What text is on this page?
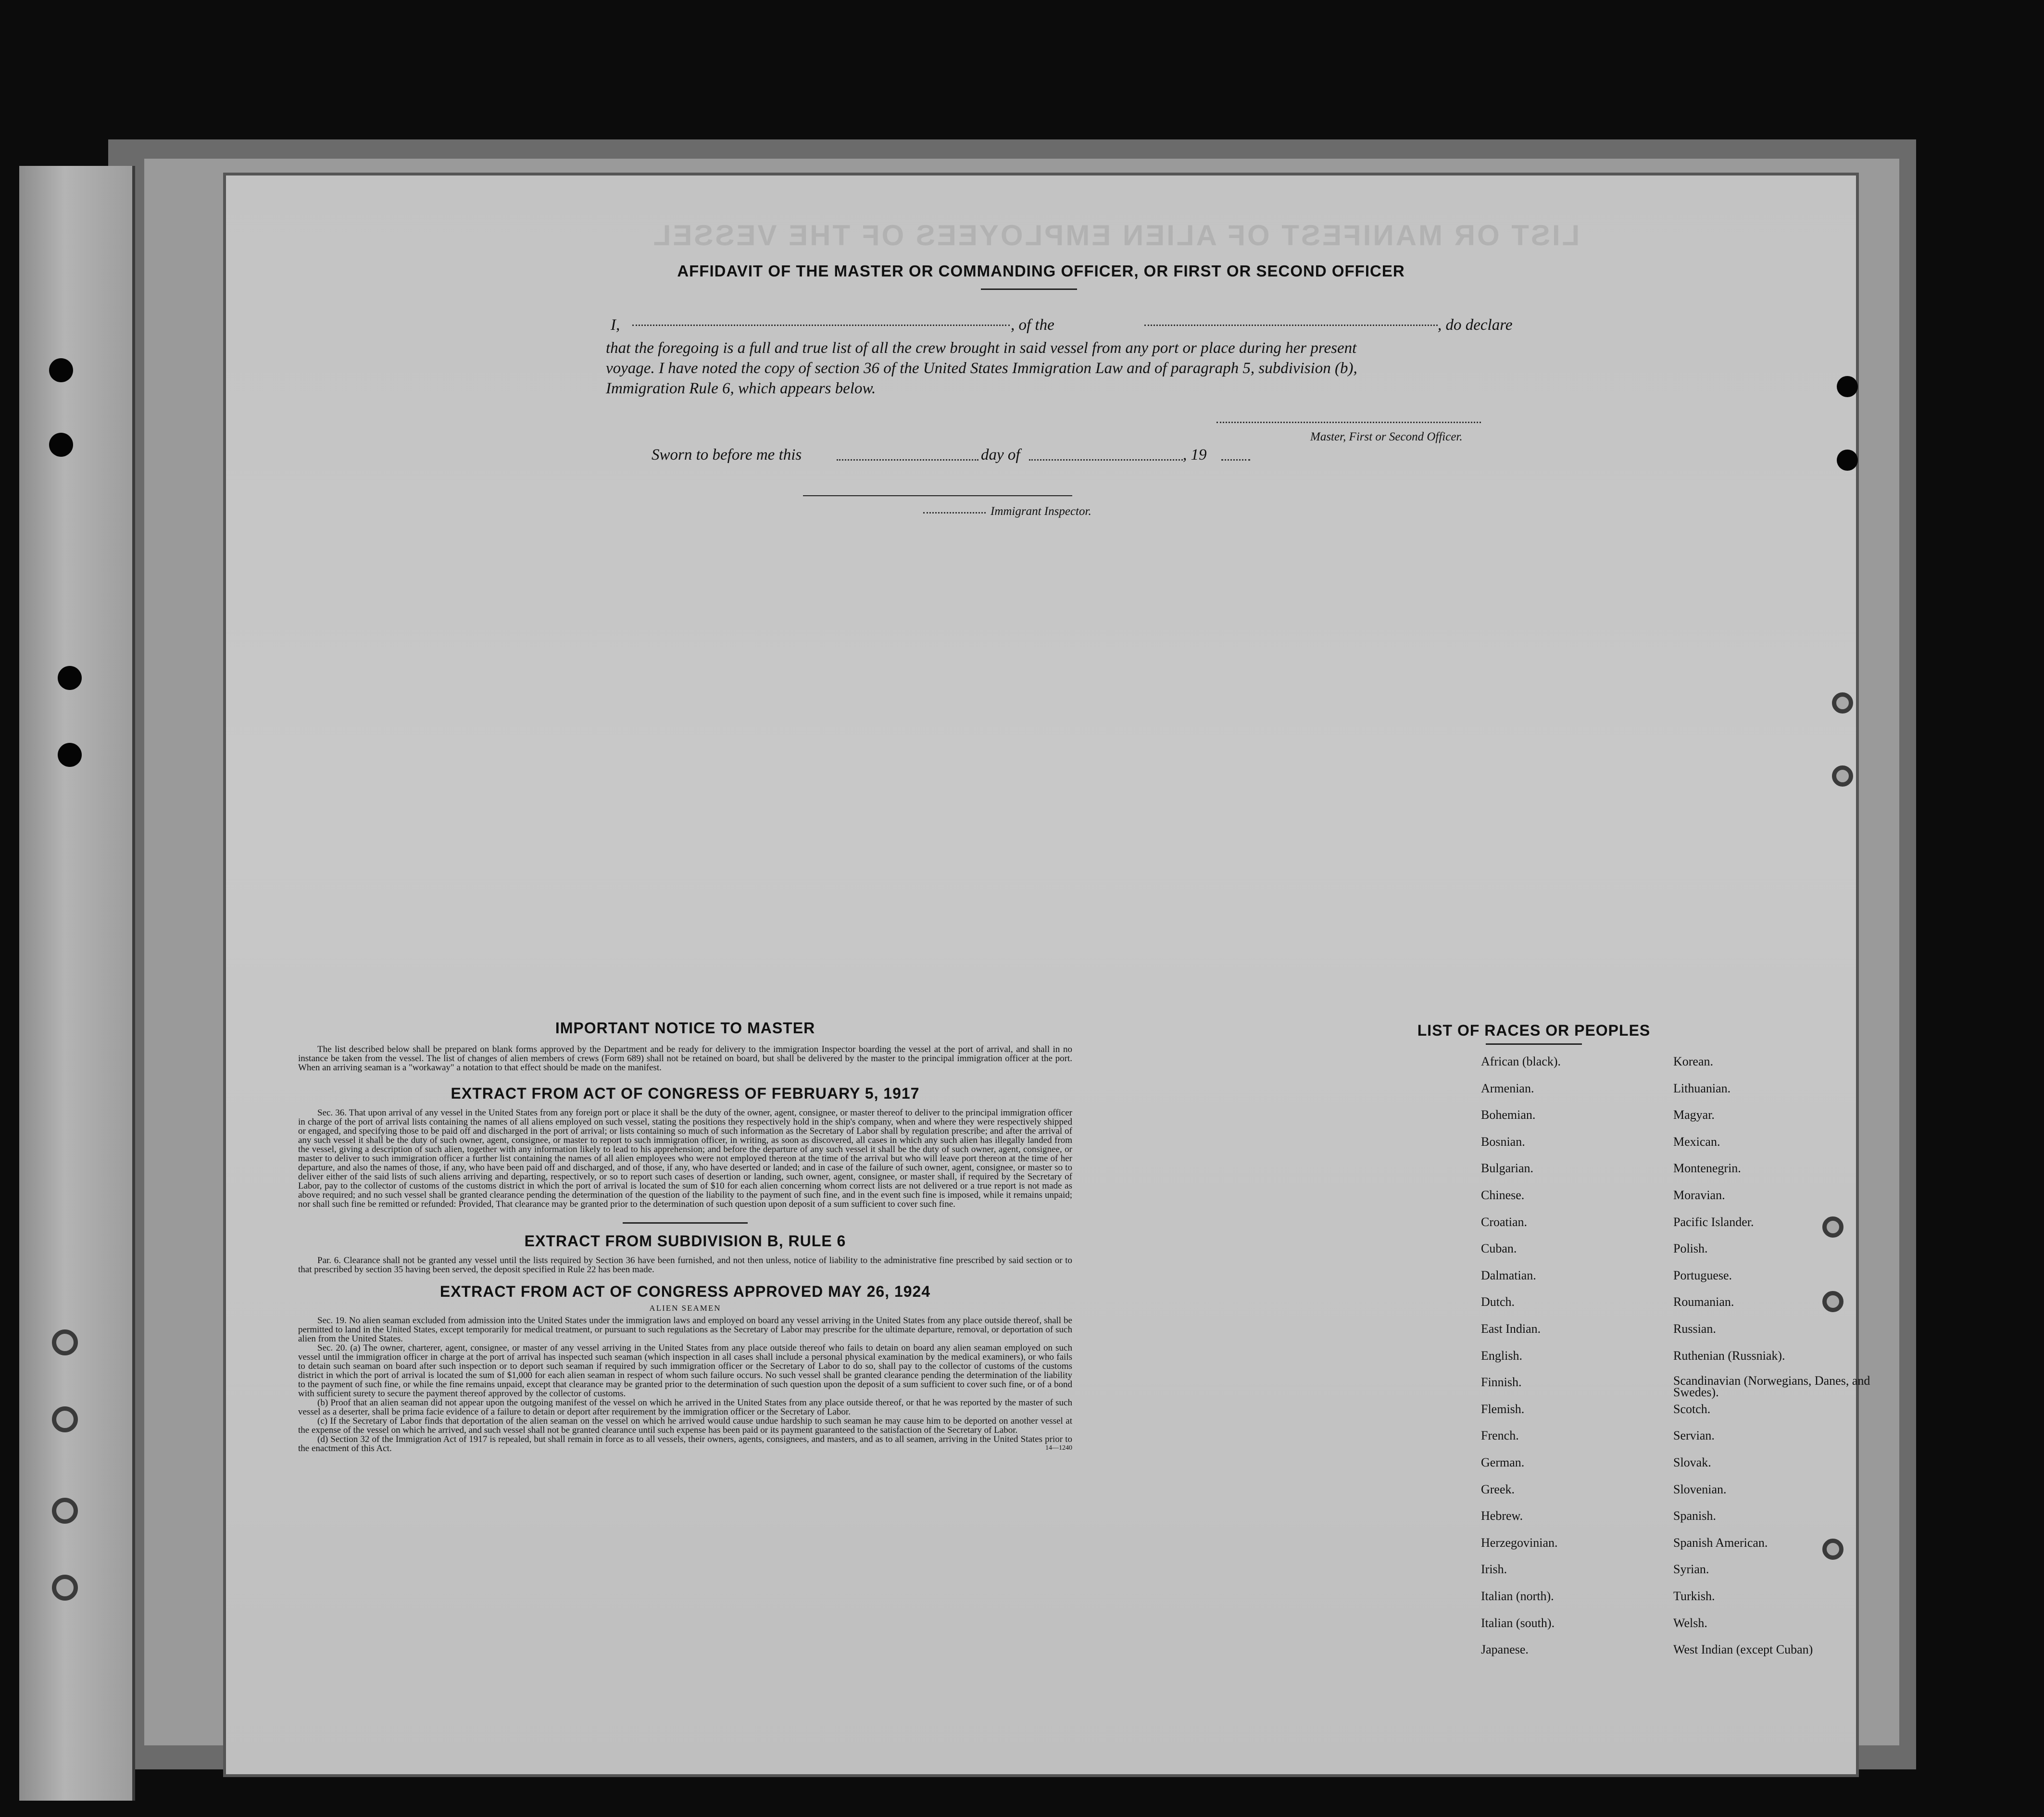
LIST OR MANIFEST OF ALIEN EMPLOYEES OF THE VESSEL
AFFIDAVIT OF THE MASTER OR COMMANDING OFFICER, OR FIRST OR SECOND OFFICER
I,	, of the	, do declare
that the foregoing is a full and true list of all the crew brought in said vessel from any port or place during her present
voyage. I have noted the copy of section 36 of the United States Immigration Law and of paragraph 5, subdivision (b),
Immigration Rule 6, which appears below.
Master, First or Second Officer.
Sworn to before me this	day of	, 19
Immigrant Inspector.
IMPORTANT NOTICE TO MASTER

The list described below shall be prepared on blank forms approved by the Department and be ready for delivery to the immigration Inspector boarding the vessel at the port of arrival, and shall in no instance be taken from the vessel. The list of changes of alien members of crews (Form 689) shall not be retained on board, but shall be delivered by the master to the principal immigration officer at the port. When an arriving seaman is a "workaway" a notation to that effect should be made on the manifest.

EXTRACT FROM ACT OF CONGRESS OF FEBRUARY 5, 1917

Sec. 36. That upon arrival of any vessel in the United States from any foreign port or place it shall be the duty of the owner, agent, consignee, or master thereof to deliver to the principal immigration officer in charge of the port of arrival lists containing the names of all aliens employed on such vessel, stating the positions they respectively hold in the ship's company, when and where they were respectively shipped or engaged, and specifying those to be paid off and discharged in the port of arrival; or lists containing so much of such information as the Secretary of Labor shall by regulation prescribe; and after the arrival of any such vessel it shall be the duty of such owner, agent, consignee, or master to report to such immigration officer, in writing, as soon as discovered, all cases in which any such alien has illegally landed from the vessel, giving a description of such alien, together with any information likely to lead to his apprehension; and before the departure of any such vessel it shall be the duty of such owner, agent, consignee, or master to deliver to such immigration officer a further list containing the names of all alien employees who were not employed thereon at the time of the arrival but who will leave port thereon at the time of her departure, and also the names of those, if any, who have been paid off and discharged, and of those, if any, who have deserted or landed; and in case of the failure of such owner, agent, consignee, or master so to deliver either of the said lists of such aliens arriving and departing, respectively, or so to report such cases of desertion or landing, such owner, agent, consignee, or master shall, if required by the Secretary of Labor, pay to the collector of customs of the customs district in which the port of arrival is located the sum of $10 for each alien concerning whom correct lists are not delivered or a true report is not made as above required; and no such vessel shall be granted clearance pending the determination of the question of the liability to the payment of such fine, and in the event such fine is imposed, while it remains unpaid; nor shall such fine be remitted or refunded: Provided, That clearance may be granted prior to the determination of such question upon deposit of a sum sufficient to cover such fine.

EXTRACT FROM SUBDIVISION B, RULE 6

Par. 6. Clearance shall not be granted any vessel until the lists required by Section 36 have been furnished, and not then unless, notice of liability to the administrative fine prescribed by said section or to that prescribed by section 35 having been served, the deposit specified in Rule 22 has been made.

EXTRACT FROM ACT OF CONGRESS APPROVED MAY 26, 1924
ALIEN SEAMEN

Sec. 19. No alien seaman excluded from admission into the United States under the immigration laws and employed on board any vessel arriving in the United States from any place outside thereof, shall be permitted to land in the United States, except temporarily for medical treatment, or pursuant to such regulations as the Secretary of Labor may prescribe for the ultimate departure, removal, or deportation of such alien from the United States.

Sec. 20. (a) The owner, charterer, agent, consignee, or master of any vessel arriving in the United States from any place outside thereof who fails to detain on board any alien seaman employed on such vessel until the immigration officer in charge at the port of arrival has inspected such seaman (which inspection in all cases shall include a personal physical examination by the medical examiners), or who fails to detain such seaman on board after such inspection or to deport such seaman if required by such immigration officer or the Secretary of Labor to do so, shall pay to the collector of customs of the customs district in which the port of arrival is located the sum of $1,000 for each alien seaman in respect of whom such failure occurs. No such vessel shall be granted clearance pending the determination of the liability to the payment of such fine, or while the fine remains unpaid, except that clearance may be granted prior to the determination of such question upon the deposit of a sum sufficient to cover such fine, or of a bond with sufficient surety to secure the payment thereof approved by the collector of customs.

(b) Proof that an alien seaman did not appear upon the outgoing manifest of the vessel on which he arrived in the United States from any place outside thereof, or that he was reported by the master of such vessel as a deserter, shall be prima facie evidence of a failure to detain or deport after requirement by the immigration officer or the Secretary of Labor.

(c) If the Secretary of Labor finds that deportation of the alien seaman on the vessel on which he arrived would cause undue hardship to such seaman he may cause him to be deported on another vessel at the expense of the vessel on which he arrived, and such vessel shall not be granted clearance until such expense has been paid or its payment guaranteed to the satisfaction of the Secretary of Labor.

(d) Section 32 of the Immigration Act of 1917 is repealed, but shall remain in force as to all vessels, their owners, agents, consignees, and masters, and as to all seamen, arriving in the United States prior to the enactment of this Act.	14—1240
LIST OF RACES OR PEOPLES
African (black).
Armenian.
Bohemian.
Bosnian.
Bulgarian.
Chinese.
Croatian.
Cuban.
Dalmatian.
Dutch.
East Indian.
English.
Finnish.
Flemish.
French.
German.
Greek.
Hebrew.
Herzegovinian.
Irish.
Italian (north).
Italian (south).
Japanese.
Korean.
Lithuanian.
Magyar.
Mexican.
Montenegrin.
Moravian.
Pacific Islander.
Polish.
Portuguese.
Roumanian.
Russian.
Ruthenian (Russniak).
Scandinavian (Norwegians, Danes, and Swedes).
Scotch.
Servian.
Slovak.
Slovenian.
Spanish.
Spanish American.
Syrian.
Turkish.
Welsh.
West Indian (except Cuban)
